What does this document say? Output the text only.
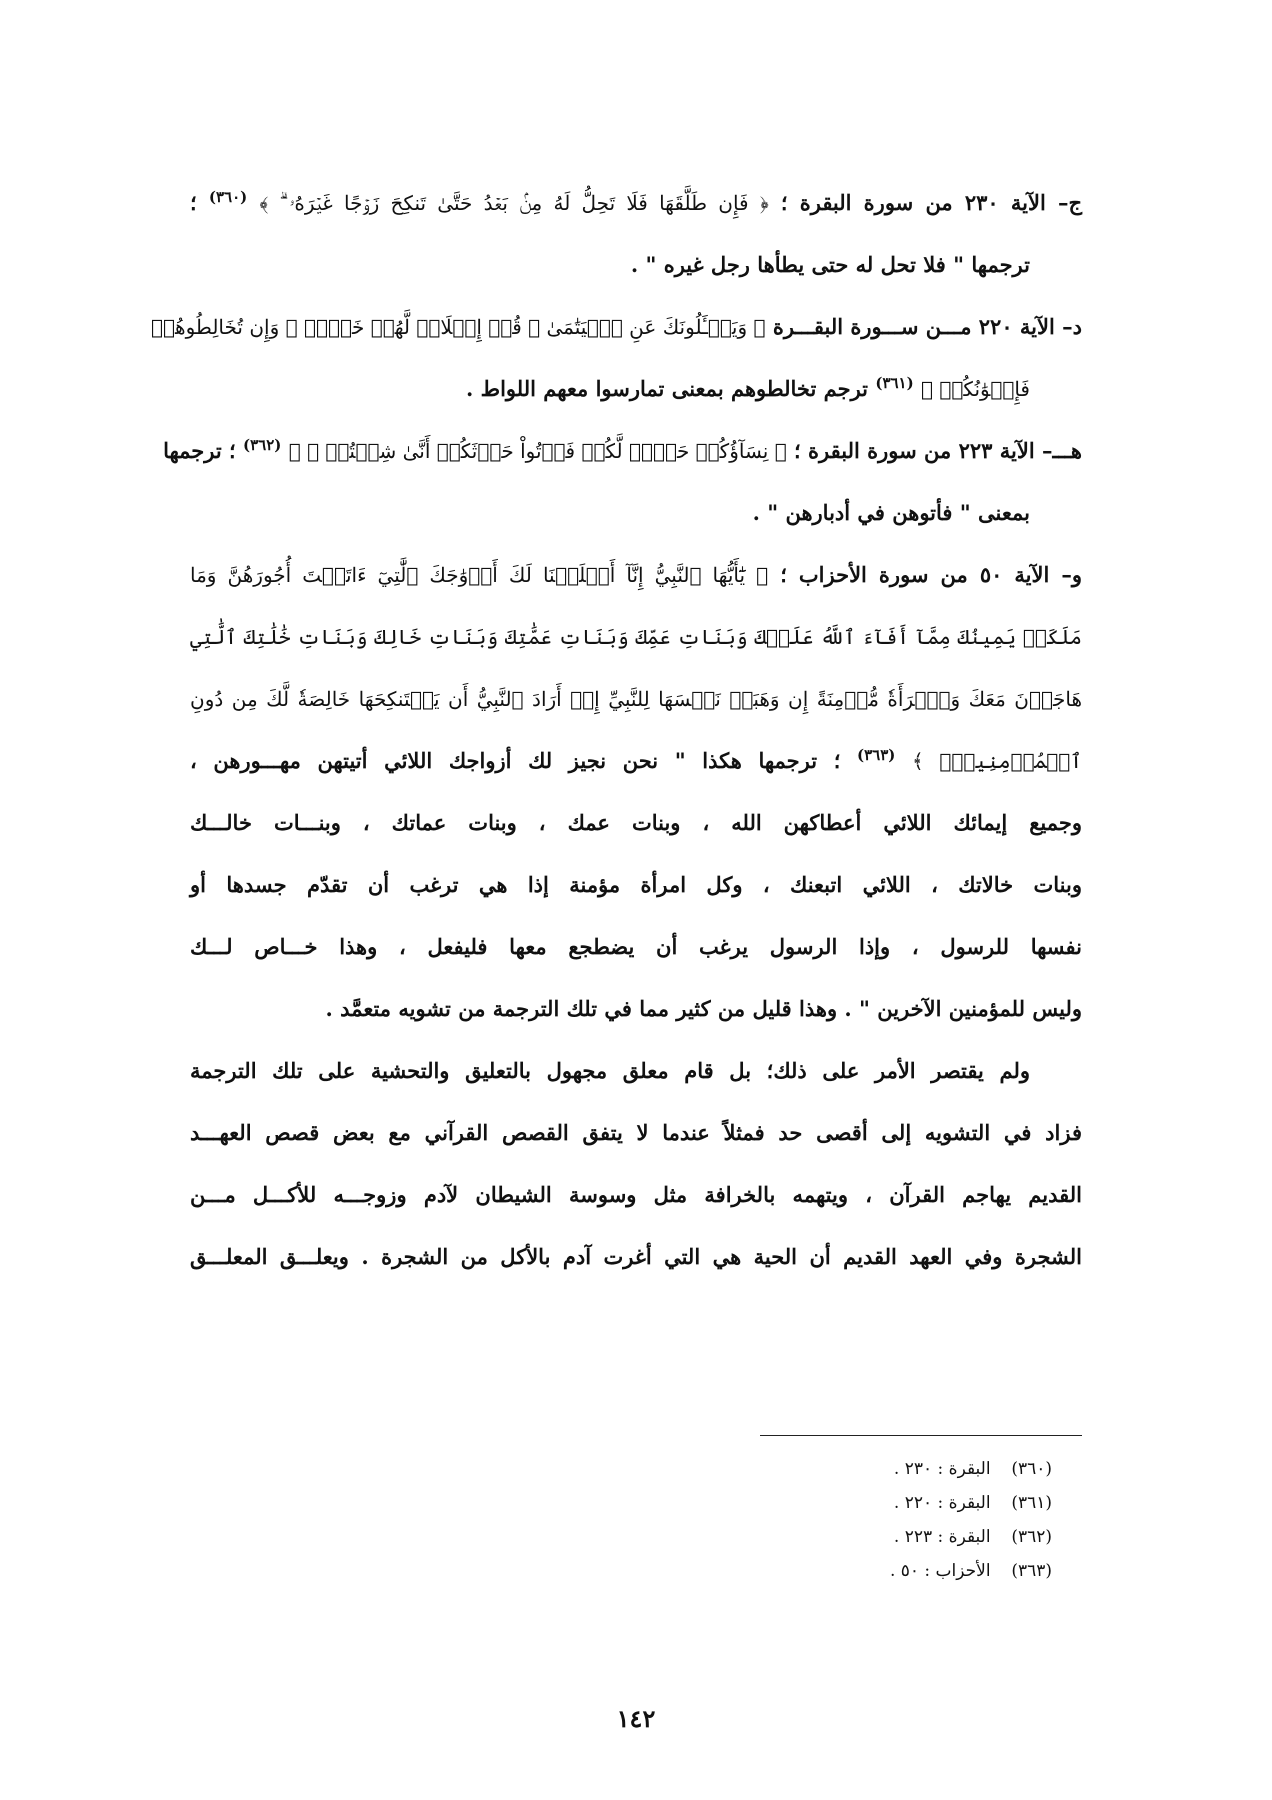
ج– الآية ٢٣٠ من سورة البقرة ؛ ﴿ فَإِن طَلَّقَهَا فَلَا تَحِلُّ لَهُ مِنۢ بَعۡدُ حَتَّىٰ تَنكِحَ زَوۡجًا غَيۡرَهُۥ ۗ ﴾ $^{(٣٦٠)}$ ؛
ترجمها " فلا تحل له حتى يطأها رجل غيره " .
د– الآية ٢٢٠ مـــن ســـورة البقـــرة ﴿ وَيَسۡـَٔلُونَكَ عَنِ ٱلۡيَتَٰمَىٰ ۖ قُلۡ إِصۡلَاحٞ لَّهُمۡ خَيۡرٞ ۖ وَإِن تُخَالِطُوهُمۡ
فَإِخۡوَٰنُكُمۡ ﴾ $^{(٣٦١)}$ ترجم تخالطوهم بمعنى تمارسوا معهم اللواط .
هـــ– الآية ٢٢٣ من سورة البقرة ؛ ﴿ نِسَآؤُكُمۡ حَرۡثٞ لَّكُمۡ فَأۡتُواْ حَرۡثَكُمۡ أَنَّىٰ شِئۡتُمۡ ۖ ﴾ $^{(٣٦٢)}$ ؛ ترجمها
بمعنى " فأتوهن في أدبارهن " .
و– الآية ٥٠ من سورة الأحزاب ؛ ﴿ يَٰٓأَيُّهَا ٱلنَّبِيُّ إِنَّآ أَحۡلَلۡنَا لَكَ أَزۡوَٰجَكَ ٱلَّٰتِيٓ ءَاتَيۡتَ أُجُورَهُنَّ وَمَا
مَلَكَتۡ يَمِينُكَ مِمَّآ أَفَآءَ ٱللَّهُ عَلَيۡكَ وَبَنَاتِ عَمِّكَ وَبَنَاتِ عَمَّٰتِكَ وَبَنَاتِ خَالِكَ وَبَنَاتِ خَٰلَٰتِكَ ٱلَّٰتِي
هَاجَرۡنَ مَعَكَ وَٱمۡرَأَةٗ مُّؤۡمِنَةً إِن وَهَبَتۡ نَفۡسَهَا لِلنَّبِيِّ إِنۡ أَرَادَ ٱلنَّبِيُّ أَن يَسۡتَنكِحَهَا خَالِصَةٗ لَّكَ مِن دُونِ
ٱلۡمُؤۡمِنِينَۗ ﴾ $^{(٣٦٣)}$ ؛ ترجمها هكذا " نحن نجيز لك أزواجك اللائي أتيتهن مهـــورهن ،
وجميع إيمائك اللائي أعطاكهن الله ، وبنات عمك ، وبنات عماتك ، وبنـــات خالـــك
وبنات خالاتك ، اللائي اتبعنك ، وكل امرأة مؤمنة إذا هي ترغب أن تقدّم جسدها أو
نفسها للرسول ، وإذا الرسول يرغب أن يضطجع معها فليفعل ، وهذا خـــاص لـــك
وليس للمؤمنين الآخرين " . وهذا قليل من كثير مما في تلك الترجمة من تشويه متعمَّد .
ولم يقتصر الأمر على ذلك؛ بل قام معلق مجهول بالتعليق والتحشية على تلك الترجمة
فزاد في التشويه إلى أقصى حد فمثلاً عندما لا يتفق القصص القرآني مع بعض قصص العهـــد
القديم يهاجم القرآن ، ويتهمه بالخرافة مثل وسوسة الشيطان لآدم وزوجـــه للأكـــل مـــن
الشجرة وفي العهد القديم أن الحية هي التي أغرت آدم بالأكل من الشجرة . ويعلـــق المعلـــق
(٣٦٠) البقرة : ٢٣٠ .
(٣٦١) البقرة : ٢٢٠ .
(٣٦٢) البقرة : ٢٢٣ .
(٣٦٣) الأحزاب : ٥٠ .
١٤٢
